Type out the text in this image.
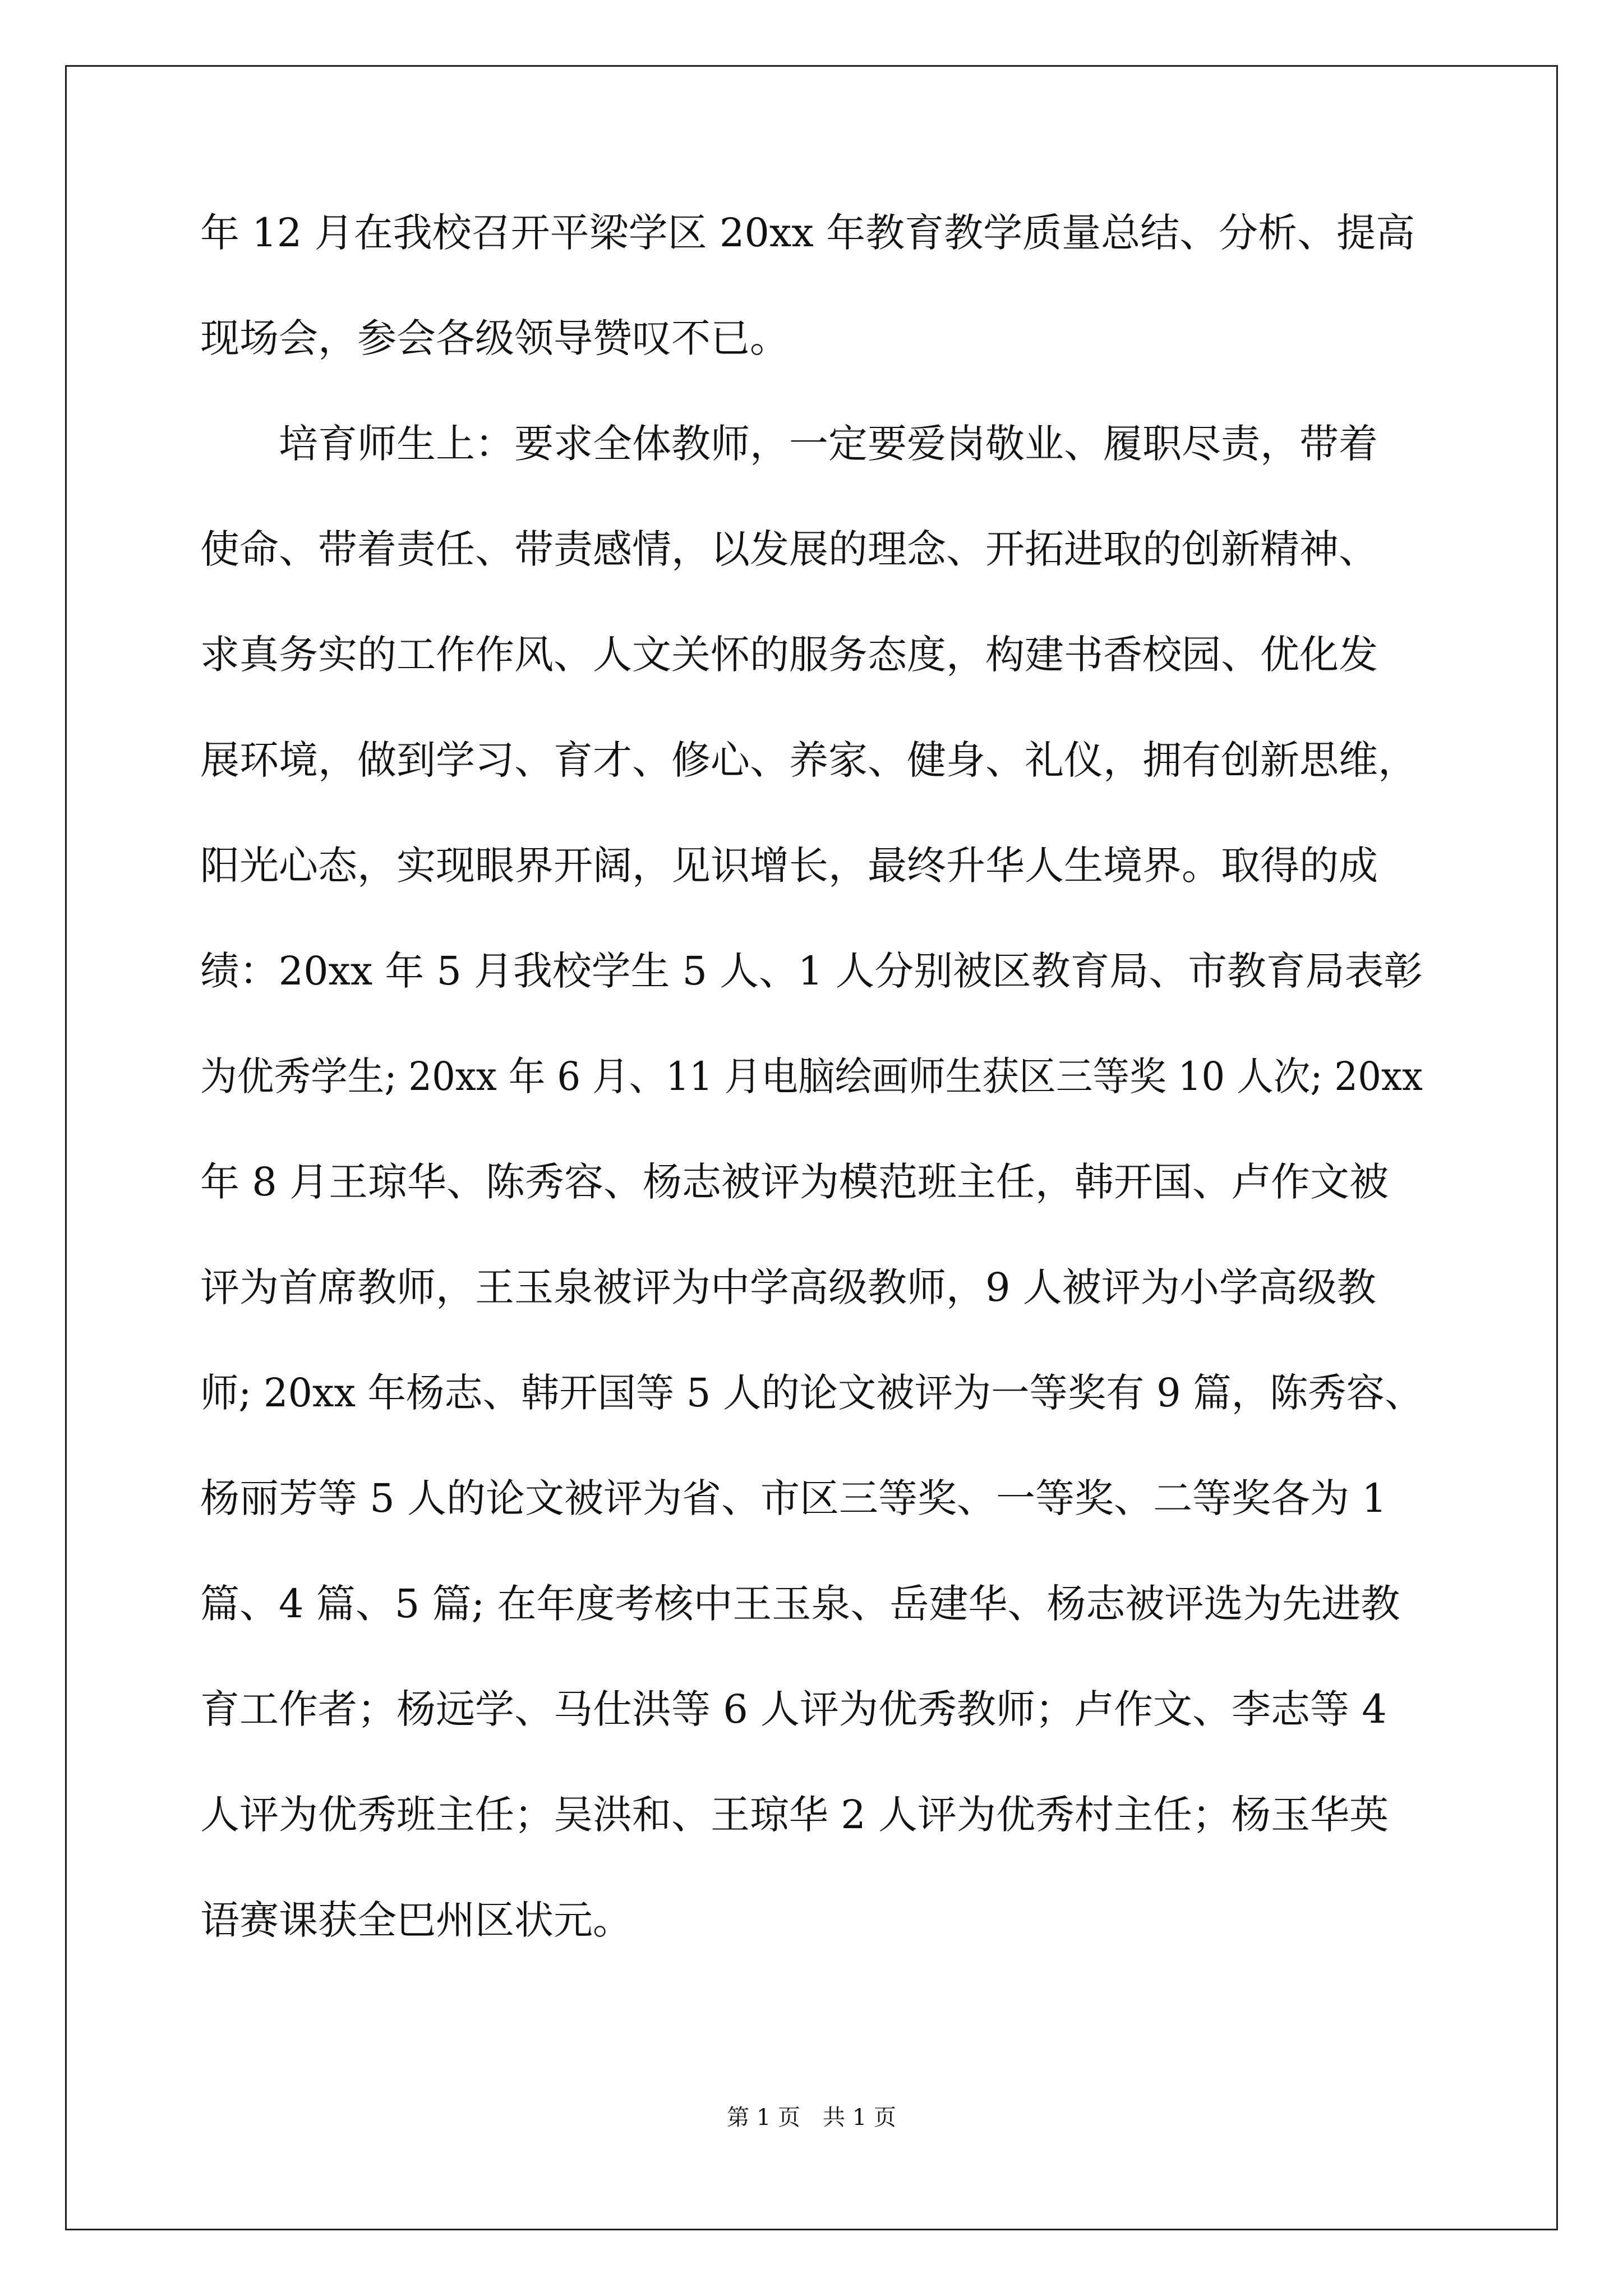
年 12 月在我校召开平梁学区 20xx 年教育教学质量总结、分析、提高
现场会，参会各级领导赞叹不已。
　　培育师生上：要求全体教师，一定要爱岗敬业、履职尽责，带着
使命、带着责任、带责感情，以发展的理念、开拓进取的创新精神、
求真务实的工作作风、人文关怀的服务态度，构建书香校园、优化发
展环境，做到学习、育才、修心、养家、健身、礼仪，拥有创新思维，
阳光心态，实现眼界开阔，见识增长，最终升华人生境界。取得的成
绩：20xx 年 5 月我校学生 5 人、1 人分别被区教育局、市教育局表彰
为优秀学生; 20xx 年 6 月、11 月电脑绘画师生获区三等奖 10 人次; 20xx
年 8 月王琼华、陈秀容、杨志被评为模范班主任，韩开国、卢作文被
评为首席教师，王玉泉被评为中学高级教师，9 人被评为小学高级教
师; 20xx 年杨志、韩开国等 5 人的论文被评为一等奖有 9 篇，陈秀容、
杨丽芳等 5 人的论文被评为省、市区三等奖、一等奖、二等奖各为 1
篇、4 篇、5 篇; 在年度考核中王玉泉、岳建华、杨志被评选为先进教
育工作者；杨远学、马仕洪等 6 人评为优秀教师；卢作文、李志等 4
人评为优秀班主任；吴洪和、王琼华 2 人评为优秀村主任；杨玉华英
语赛课获全巴州区状元。
第 1 页　共 1 页
